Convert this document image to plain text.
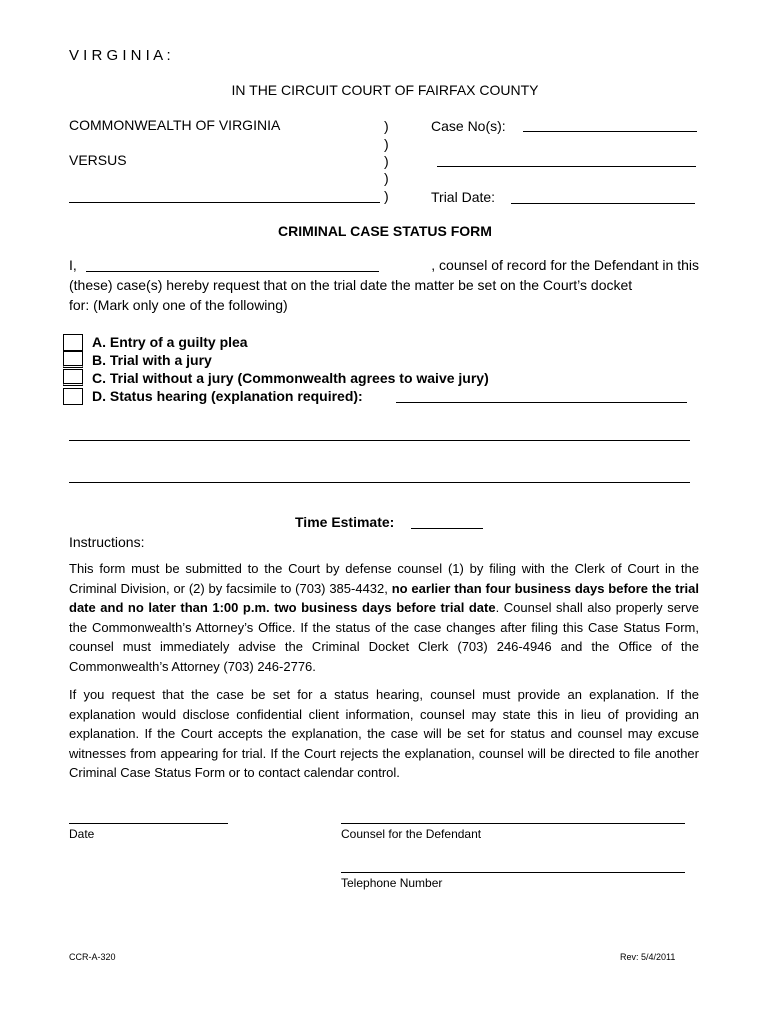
V I R G I N I A :
IN THE CIRCUIT COURT OF FAIRFAX COUNTY
COMMONWEALTH OF VIRGINIA
VERSUS
)
)
)
)
)
Case No(s):
Trial Date:
CRIMINAL CASE STATUS FORM
I,	, counsel of record for the Defendant in this
(these) case(s) hereby request that on the trial date the matter be set on the Court’s docket
for: (Mark only one of the following)
A. Entry of a guilty plea
B. Trial with a jury
C. Trial without a jury (Commonwealth agrees to waive jury)
D. Status hearing (explanation required):
Time Estimate:
Instructions:
This form must be submitted to the Court by defense counsel (1) by filing with the Clerk of Court in the Criminal Division, or (2) by facsimile to (703) 385-4432, no earlier than four business days before the trial date and no later than 1:00 p.m. two business days before trial date. Counsel shall also properly serve the Commonwealth’s Attorney’s Office. If the status of the case changes after filing this Case Status Form, counsel must immediately advise the Criminal Docket Clerk (703) 246-4946 and the Office of the Commonwealth’s Attorney (703) 246-2776.
If you request that the case be set for a status hearing, counsel must provide an explanation. If the explanation would disclose confidential client information, counsel may state this in lieu of providing an explanation. If the Court accepts the explanation, the case will be set for status and counsel may excuse witnesses from appearing for trial. If the Court rejects the explanation, counsel will be directed to file another Criminal Case Status Form or to contact calendar control.
Date	Counsel for the Defendant
Telephone Number
CCR-A-320	Rev: 5/4/2011
